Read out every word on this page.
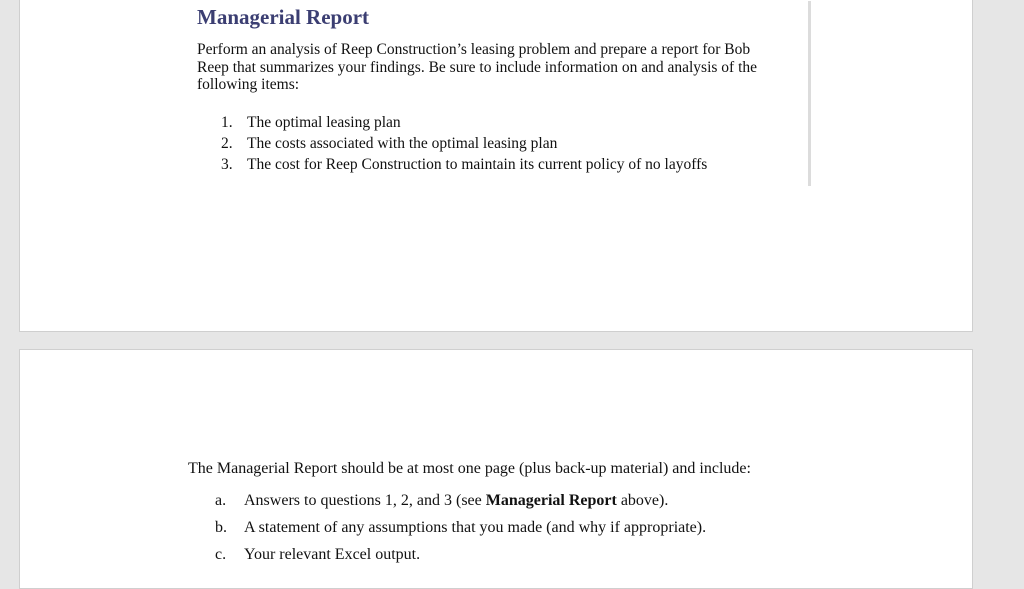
Managerial Report
Perform an analysis of Reep Construction’s leasing problem and prepare a report for Bob
Reep that summarizes your findings. Be sure to include information on and analysis of the
following items:
1. The optimal leasing plan
2. The costs associated with the optimal leasing plan
3. The cost for Reep Construction to maintain its current policy of no layoffs
The Managerial Report should be at most one page (plus back-up material) and include:
a.	Answers to questions 1, 2, and 3 (see Managerial Report above).
b.	A statement of any assumptions that you made (and why if appropriate).
c.	Your relevant Excel output.
